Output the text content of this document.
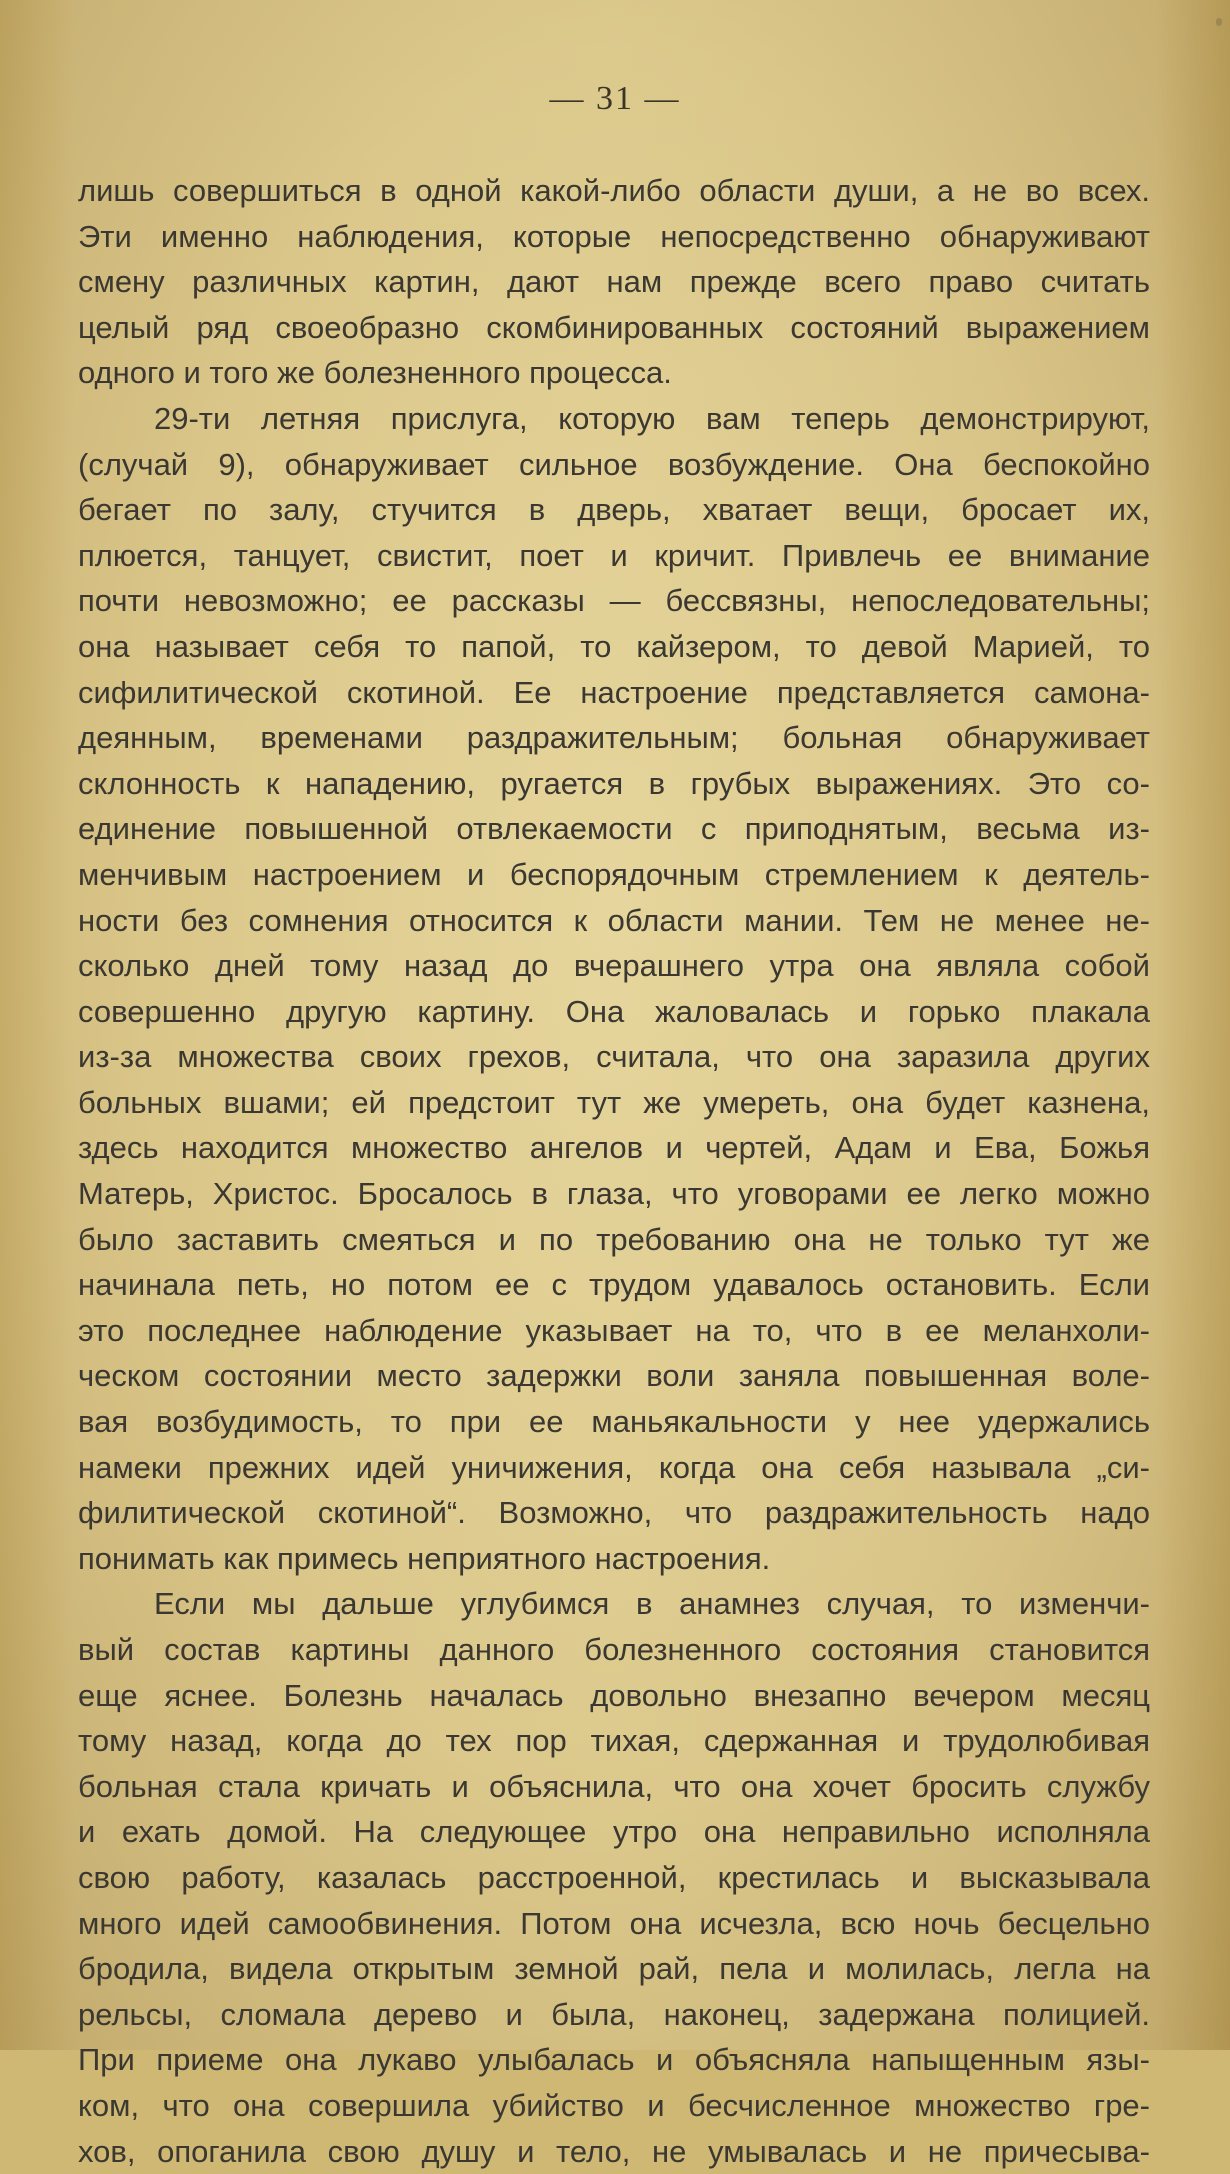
— 31 —
лишь совершиться в одной какой-либо области души, а не во всех.
Эти именно наблюдения, которые непосредственно обнаруживают
смену различных картин, дают нам прежде всего право считать
целый ряд своеобразно скомбинированных состояний выражением
одного и того же болезненного процесса.
29-ти летняя прислуга, которую вам теперь демонстрируют,
(случай 9), обнаруживает сильное возбуждение. Она беспокойно
бегает по залу, стучится в дверь, хватает вещи, бросает их,
плюется, танцует, свистит, поет и кричит. Привлечь ее внимание
почти невозможно; ее рассказы — бессвязны, непоследовательны;
она называет себя то папой, то кайзером, то девой Марией, то
сифилитической скотиной. Ее настроение представляется самона-
деянным, временами раздражительным; больная обнаруживает
склонность к нападению, ругается в грубых выражениях. Это со-
единение повышенной отвлекаемости с приподнятым, весьма из-
менчивым настроением и беспорядочным стремлением к деятель-
ности без сомнения относится к области мании. Тем не менее не-
сколько дней тому назад до вчерашнего утра она являла собой
совершенно другую картину. Она жаловалась и горько плакала
из-за множества своих грехов, считала, что она заразила других
больных вшами; ей предстоит тут же умереть, она будет казнена,
здесь находится множество ангелов и чертей, Адам и Ева, Божья
Матерь, Христос. Бросалось в глаза, что уговорами ее легко можно
было заставить смеяться и по требованию она не только тут же
начинала петь, но потом ее с трудом удавалось остановить. Если
это последнее наблюдение указывает на то, что в ее меланхоли-
ческом состоянии место задержки воли заняла повышенная воле-
вая возбудимость, то при ее маньякальности у нее удержались
намеки прежних идей уничижения, когда она себя называла „си-
филитической скотиной“. Возможно, что раздражительность надо
понимать как примесь неприятного настроения.
Если мы дальше углубимся в анамнез случая, то изменчи-
вый состав картины данного болезненного состояния становится
еще яснее. Болезнь началась довольно внезапно вечером месяц
тому назад, когда до тех пор тихая, сдержанная и трудолюбивая
больная стала кричать и объяснила, что она хочет бросить службу
и ехать домой. На следующее утро она неправильно исполняла
свою работу, казалась расстроенной, крестилась и высказывала
много идей самообвинения. Потом она исчезла, всю ночь бесцельно
бродила, видела открытым земной рай, пела и молилась, легла на
рельсы, сломала дерево и была, наконец, задержана полицией.
При приеме она лукаво улыбалась и объясняла напыщенным язы-
ком, что она совершила убийство и бесчисленное множество гре-
хов, опоганила свою душу и тело, не умывалась и не причесыва-
